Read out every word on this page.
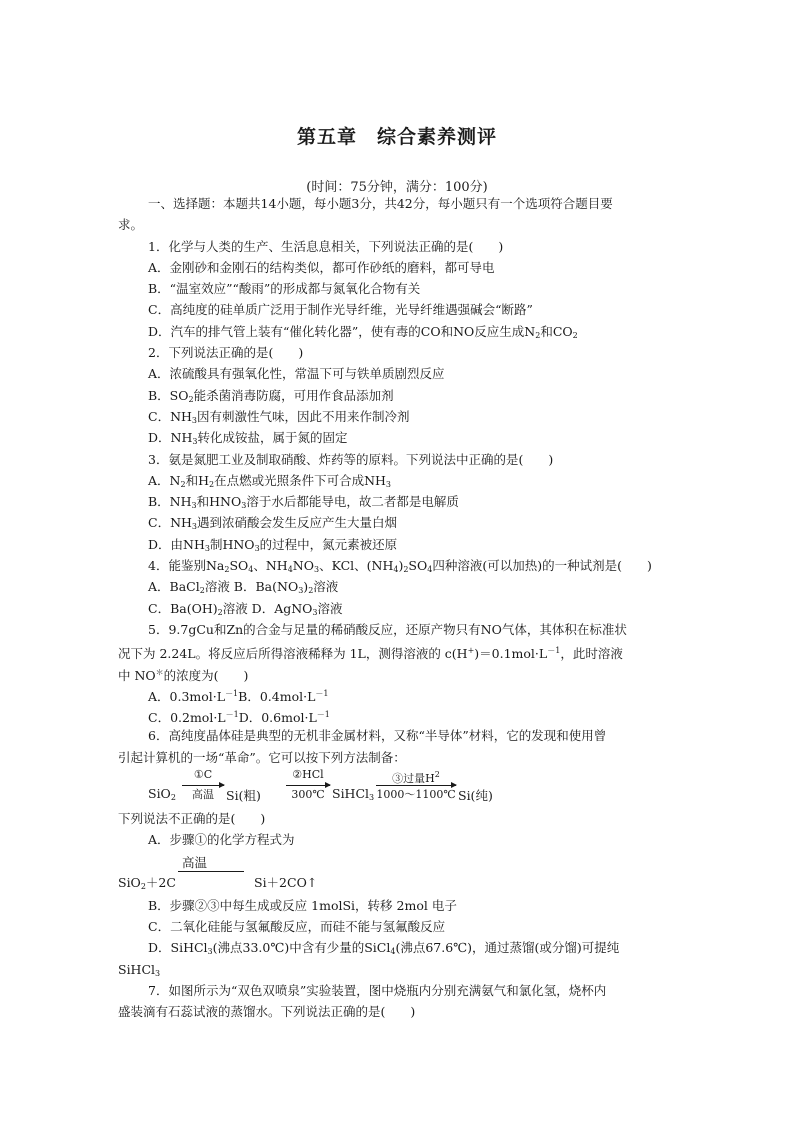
第五章　综合素养测评
(时间：75分钟，满分：100分)
一、选择题：本题共14小题，每小题3分，共42分，每小题只有一个选项符合题目要
求。
1．化学与人类的生产、生活息息相关，下列说法正确的是(　　)
A．金刚砂和金刚石的结构类似，都可作砂纸的磨料，都可导电
B．“温室效应”“酸雨”的形成都与氮氧化合物有关
C．高纯度的硅单质广泛用于制作光导纤维，光导纤维遇强碱会“断路”
D．汽车的排气管上装有“催化转化器”，使有毒的CO和NO反应生成$N_2$和$CO_2$
2．下列说法正确的是(　　)
A．浓硫酸具有强氧化性，常温下可与铁单质剧烈反应
B．$SO_2$能杀菌消毒防腐，可用作食品添加剂
C．$NH_3$因有刺激性气味，因此不用来作制冷剂
D．$NH_3$转化成铵盐，属于氮的固定
3．氨是氮肥工业及制取硝酸、炸药等的原料。下列说法中正确的是(　　)
A．$N_2$和$H_2$在点燃或光照条件下可合成$NH_3$
B．$NH_3$和$HNO_3$溶于水后都能导电，故二者都是电解质
C．$NH_3$遇到浓硝酸会发生反应产生大量白烟
D．由$NH_3$制$HNO_3$的过程中，氮元素被还原
4．能鉴别$Na_2SO_4$、$NH_4NO_3$、KCl、$(NH_4)_2SO_4$四种溶液(可以加热)的一种试剂是(　　)
A．BaCl$_2$溶液 B．$Ba(NO_3)_2$溶液
C．$Ba(OH)_2$溶液 D．AgNO$_3$溶液
5．9.7gCu和Zn的合金与足量的稀硝酸反应，还原产物只有NO气体，其体积在标准状
况下为 2.24L。将反应后所得溶液稀释为 1L，测得溶液的 $c(H^+)=0.1mol\cdot L^{-1}$，此时溶液
中 NO＊的浓度为(　　)
A．$0.3mol\cdot L^{-1}B$．$0.4mol\cdot L^{-1}$
C．$0.2mol\cdot L^{-1}D$．$0.6mol\cdot L^{-1}$
6．高纯度晶体硅是典型的无机非金属材料，又称“半导体”材料，它的发现和使用曾
引起计算机的一场“革命”。它可以按下列方法制备：
SiO$_2$
①C
高温 Si(粗)
②HCl
300℃ SiHCl$_3$
③过量$H^2$
1000～1100℃ Si(纯)
下列说法不正确的是(　　)
A．步骤①的化学方程式为
高温
SiO$_2$＋2C	Si＋2CO↑
B．步骤②③中每生成或反应 1molSi，转移 2mol 电子
C．二氧化硅能与氢氟酸反应，而硅不能与氢氟酸反应
D．SiHCl$_3$(沸点33.0℃)中含有少量的SiCl$_4$(沸点67.6℃)，通过蒸馏(或分馏)可提纯
SiHCl$_3$
7．如图所示为“双色双喷泉”实验装置，图中烧瓶内分别充满氨气和氯化氢，烧杯内
盛装滴有石蕊试液的蒸馏水。下列说法正确的是(　　)
